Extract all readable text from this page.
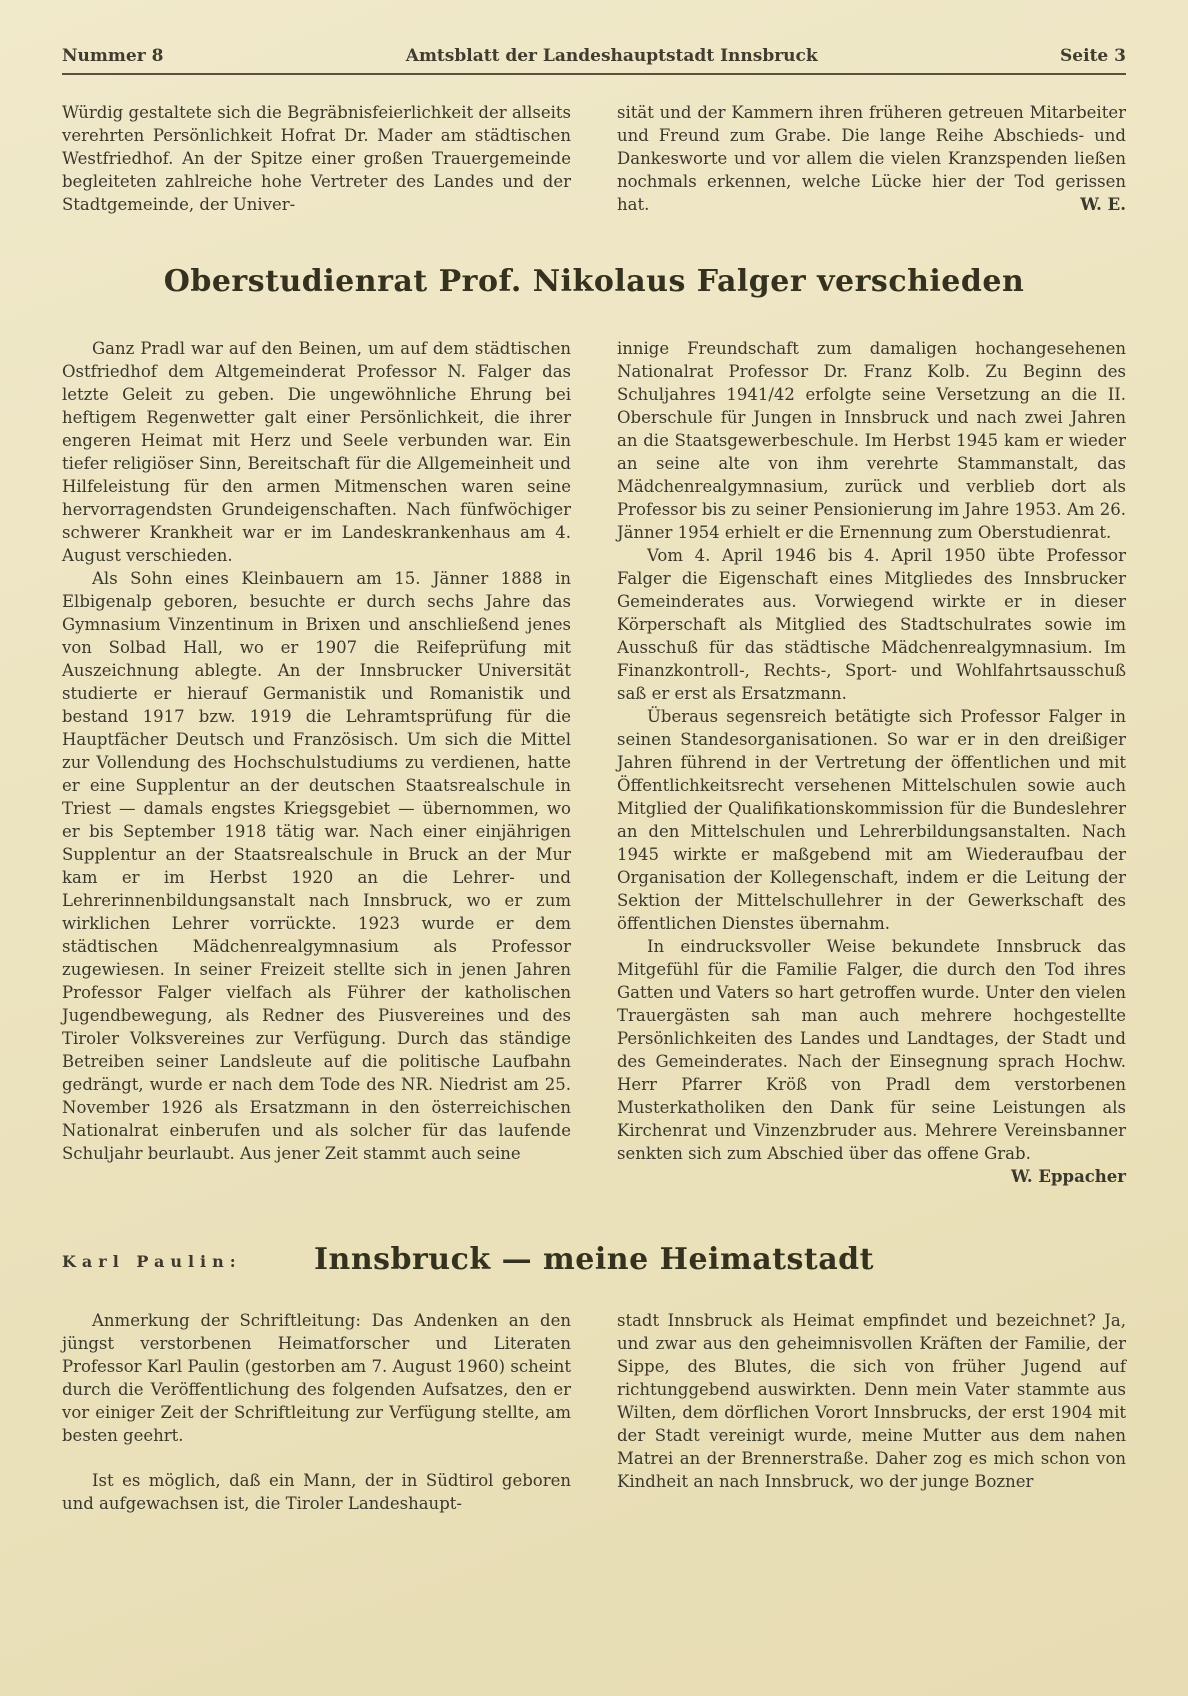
Nummer 8	Amtsblatt der Landeshauptstadt Innsbruck	Seite 3

Würdig gestaltete sich die Begräbnisfeierlichkeit der allseits verehrten Persönlichkeit Hofrat Dr. Mader am städtischen Westfriedhof. An der Spitze einer großen Trauergemeinde begleiteten zahlreiche hohe Vertreter des Landes und der Stadtgemeinde, der Univer-

sität und der Kammern ihren früheren getreuen Mitarbeiter und Freund zum Grabe. Die lange Reihe Abschieds- und Dankesworte und vor allem die vielen Kranzspenden ließen nochmals erkennen, welche Lücke hier der Tod gerissen hat.	W. E.

Oberstudienrat Prof. Nikolaus Falger verschieden

Ganz Pradl war auf den Beinen, um auf dem städtischen Ostfriedhof dem Altgemeinderat Professor N. Falger das letzte Geleit zu geben. Die ungewöhnliche Ehrung bei heftigem Regenwetter galt einer Persönlichkeit, die ihrer engeren Heimat mit Herz und Seele verbunden war. Ein tiefer religiöser Sinn, Bereitschaft für die Allgemeinheit und Hilfeleistung für den armen Mitmenschen waren seine hervorragendsten Grundeigenschaften. Nach fünfwöchiger schwerer Krankheit war er im Landeskrankenhaus am 4. August verschieden.

Als Sohn eines Kleinbauern am 15. Jänner 1888 in Elbigenalp geboren, besuchte er durch sechs Jahre das Gymnasium Vinzentinum in Brixen und anschließend jenes von Solbad Hall, wo er 1907 die Reifeprüfung mit Auszeichnung ablegte. An der Innsbrucker Universität studierte er hierauf Germanistik und Romanistik und bestand 1917 bzw. 1919 die Lehramtsprüfung für die Hauptfächer Deutsch und Französisch. Um sich die Mittel zur Vollendung des Hochschulstudiums zu verdienen, hatte er eine Supplentur an der deutschen Staatsrealschule in Triest — damals engstes Kriegsgebiet — übernommen, wo er bis September 1918 tätig war. Nach einer einjährigen Supplentur an der Staatsrealschule in Bruck an der Mur kam er im Herbst 1920 an die Lehrer- und Lehrerinnenbildungsanstalt nach Innsbruck, wo er zum wirklichen Lehrer vorrückte. 1923 wurde er dem städtischen Mädchenrealgymnasium als Professor zugewiesen. In seiner Freizeit stellte sich in jenen Jahren Professor Falger vielfach als Führer der katholischen Jugendbewegung, als Redner des Piusvereines und des Tiroler Volksvereines zur Verfügung. Durch das ständige Betreiben seiner Landsleute auf die politische Laufbahn gedrängt, wurde er nach dem Tode des NR. Niedrist am 25. November 1926 als Ersatzmann in den österreichischen Nationalrat einberufen und als solcher für das laufende Schuljahr beurlaubt. Aus jener Zeit stammt auch seine

innige Freundschaft zum damaligen hochangesehenen Nationalrat Professor Dr. Franz Kolb. Zu Beginn des Schuljahres 1941/42 erfolgte seine Versetzung an die II. Oberschule für Jungen in Innsbruck und nach zwei Jahren an die Staatsgewerbeschule. Im Herbst 1945 kam er wieder an seine alte von ihm verehrte Stammanstalt, das Mädchenrealgymnasium, zurück und verblieb dort als Professor bis zu seiner Pensionierung im Jahre 1953. Am 26. Jänner 1954 erhielt er die Ernennung zum Oberstudienrat.

Vom 4. April 1946 bis 4. April 1950 übte Professor Falger die Eigenschaft eines Mitgliedes des Innsbrucker Gemeinderates aus. Vorwiegend wirkte er in dieser Körperschaft als Mitglied des Stadtschulrates sowie im Ausschuß für das städtische Mädchenrealgymnasium. Im Finanzkontroll-, Rechts-, Sport- und Wohlfahrtsausschuß saß er erst als Ersatzmann.

Überaus segensreich betätigte sich Professor Falger in seinen Standesorganisationen. So war er in den dreißiger Jahren führend in der Vertretung der öffentlichen und mit Öffentlichkeitsrecht versehenen Mittelschulen sowie auch Mitglied der Qualifikationskommission für die Bundeslehrer an den Mittelschulen und Lehrerbildungsanstalten. Nach 1945 wirkte er maßgebend mit am Wiederaufbau der Organisation der Kollegenschaft, indem er die Leitung der Sektion der Mittelschullehrer in der Gewerkschaft des öffentlichen Dienstes übernahm.

In eindrucksvoller Weise bekundete Innsbruck das Mitgefühl für die Familie Falger, die durch den Tod ihres Gatten und Vaters so hart getroffen wurde. Unter den vielen Trauergästen sah man auch mehrere hochgestellte Persönlichkeiten des Landes und Landtages, der Stadt und des Gemeinderates. Nach der Einsegnung sprach Hochw. Herr Pfarrer Kröß von Pradl dem verstorbenen Musterkatholiken den Dank für seine Leistungen als Kirchenrat und Vinzenzbruder aus. Mehrere Vereinsbanner senkten sich zum Abschied über das offene Grab.
W. Eppacher

Karl Paulin:	Innsbruck — meine Heimatstadt

Anmerkung der Schriftleitung: Das Andenken an den jüngst verstorbenen Heimatforscher und Literaten Professor Karl Paulin (gestorben am 7. August 1960) scheint durch die Veröffentlichung des folgenden Aufsatzes, den er vor einiger Zeit der Schriftleitung zur Verfügung stellte, am besten geehrt.

Ist es möglich, daß ein Mann, der in Südtirol geboren und aufgewachsen ist, die Tiroler Landeshaupt-

stadt Innsbruck als Heimat empfindet und bezeichnet? Ja, und zwar aus den geheimnisvollen Kräften der Familie, der Sippe, des Blutes, die sich von früher Jugend auf richtunggebend auswirkten. Denn mein Vater stammte aus Wilten, dem dörflichen Vorort Innsbrucks, der erst 1904 mit der Stadt vereinigt wurde, meine Mutter aus dem nahen Matrei an der Brennerstraße. Daher zog es mich schon von Kindheit an nach Innsbruck, wo der junge Bozner
